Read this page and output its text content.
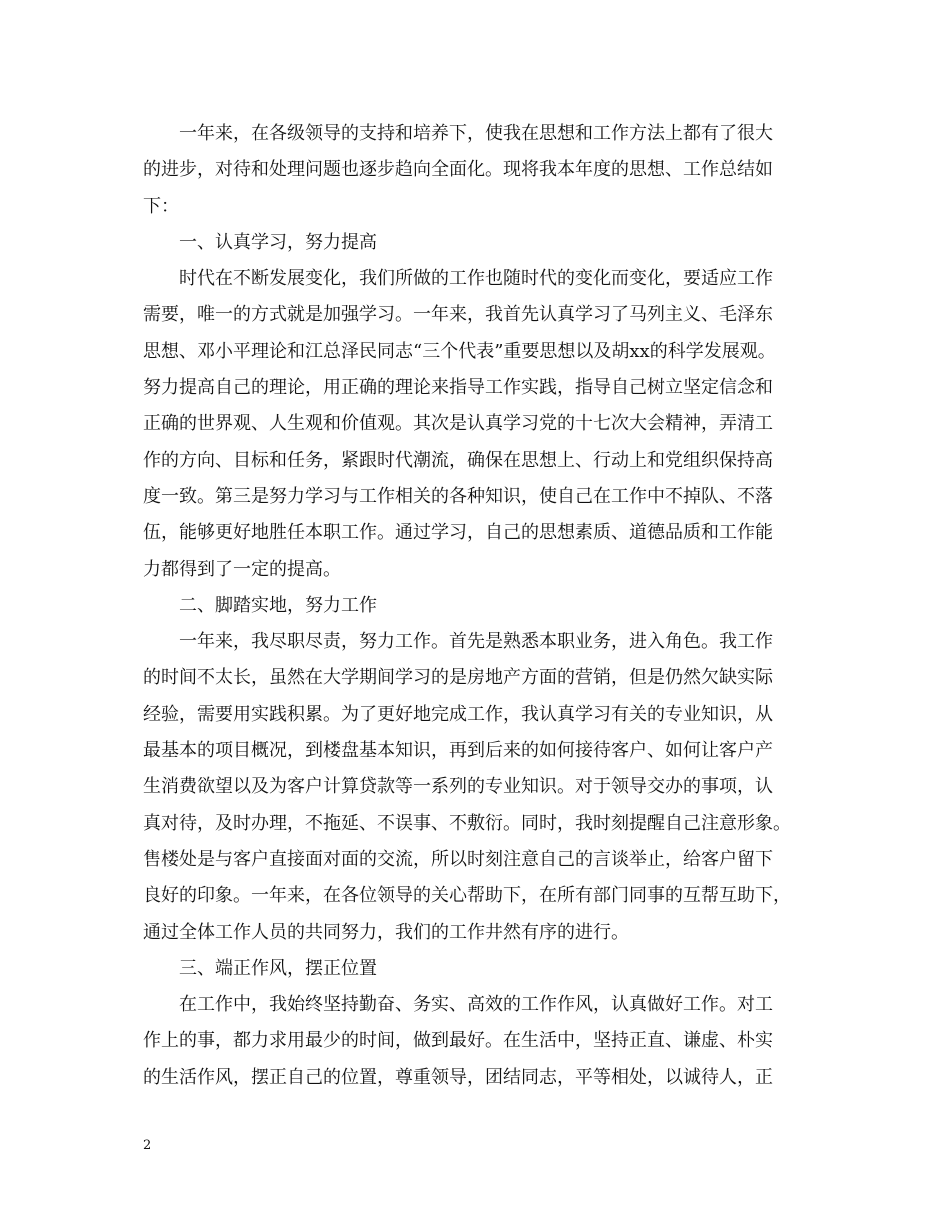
　　一年来，在各级领导的支持和培养下，使我在思想和工作方法上都有了很大
的进步，对待和处理问题也逐步趋向全面化。现将我本年度的思想、工作总结如
下：
　　一、认真学习，努力提高
　　时代在不断发展变化，我们所做的工作也随时代的变化而变化，要适应工作
需要，唯一的方式就是加强学习。一年来，我首先认真学习了马列主义、毛泽东
思想、邓小平理论和江总泽民同志“三个代表”重要思想以及胡xx的科学发展观。
努力提高自己的理论，用正确的理论来指导工作实践，指导自己树立坚定信念和
正确的世界观、人生观和价值观。其次是认真学习党的十七次大会精神，弄清工
作的方向、目标和任务，紧跟时代潮流，确保在思想上、行动上和党组织保持高
度一致。第三是努力学习与工作相关的各种知识，使自己在工作中不掉队、不落
伍，能够更好地胜任本职工作。通过学习，自己的思想素质、道德品质和工作能
力都得到了一定的提高。
　　二、脚踏实地，努力工作
　　一年来，我尽职尽责，努力工作。首先是熟悉本职业务，进入角色。我工作
的时间不太长，虽然在大学期间学习的是房地产方面的营销，但是仍然欠缺实际
经验，需要用实践积累。为了更好地完成工作，我认真学习有关的专业知识，从
最基本的项目概况，到楼盘基本知识，再到后来的如何接待客户、如何让客户产
生消费欲望以及为客户计算贷款等一系列的专业知识。对于领导交办的事项，认
真对待，及时办理，不拖延、不误事、不敷衍。同时，我时刻提醒自己注意形象。
售楼处是与客户直接面对面的交流，所以时刻注意自己的言谈举止，给客户留下
良好的印象。一年来，在各位领导的关心帮助下，在所有部门同事的互帮互助下，
通过全体工作人员的共同努力，我们的工作井然有序的进行。
　　三、端正作风，摆正位置
　　在工作中，我始终坚持勤奋、务实、高效的工作作风，认真做好工作。对工
作上的事，都力求用最少的时间，做到最好。在生活中，坚持正直、谦虚、朴实
的生活作风，摆正自己的位置，尊重领导，团结同志，平等相处，以诚待人，正
2
